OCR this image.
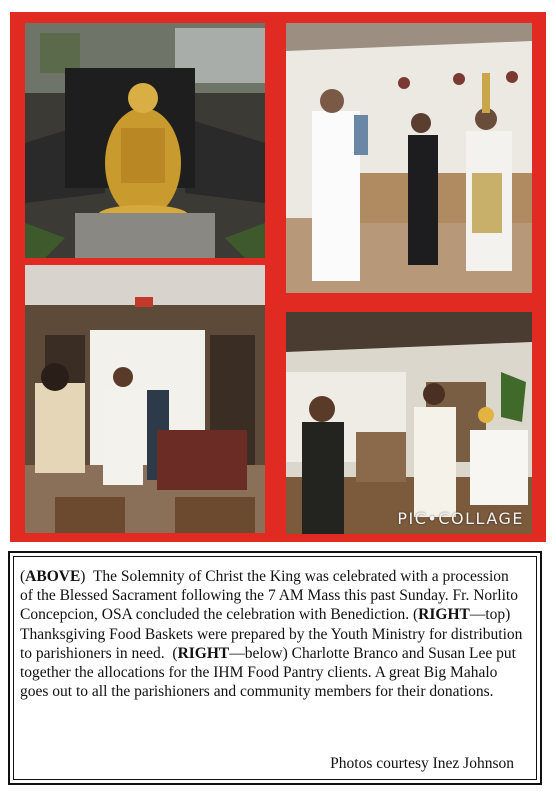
PIC•COLLAGE
(ABOVE)  The Solemnity of Christ the King was celebrated with a procession of the Blessed Sacrament following the 7 AM Mass this past Sunday. Fr. Norlito Concepcion, OSA concluded the celebration with Benediction. (RIGHT—top)  Thanksgiving Food Baskets were prepared by the Youth Ministry for distribution to parishioners in need.  (RIGHT—below) Charlotte Branco and Susan Lee put together the allocations for the IHM Food Pantry clients. A great Big Mahalo goes out to all the parishioners and community members for their donations.
Photos courtesy Inez Johnson
